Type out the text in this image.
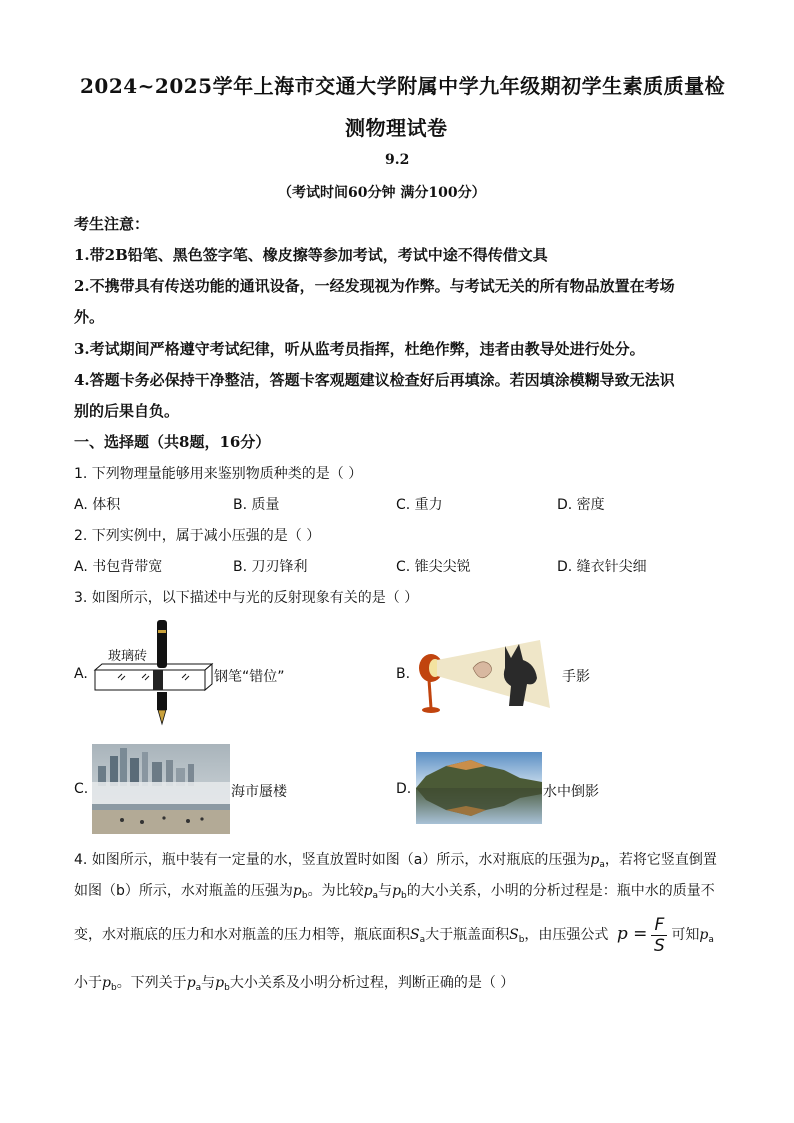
2024~2025学年上海市交通大学附属中学九年级期初学生素质质量检
测物理试卷
9.2
（考试时间60分钟 满分100分）
考生注意：
1.带2B铅笔、黑色签字笔、橡皮擦等参加考试，考试中途不得传借文具
2.不携带具有传送功能的通讯设备，一经发现视为作弊。与考试无关的所有物品放置在考场
外。
3.考试期间严格遵守考试纪律，听从监考员指挥，杜绝作弊，违者由教导处进行处分。
4.答题卡务必保持干净整洁，答题卡客观题建议检查好后再填涂。若因填涂模糊导致无法识
别的后果自负。
一、选择题（共8题，16分）
1. 下列物理量能够用来鉴别物质种类的是（ ）
A. 体积	B. 质量	C. 重力	D. 密度
2. 下列实例中，属于减小压强的是（ ）
A. 书包背带宽	B. 刀刃锋利	C. 锥尖尖锐	D. 缝衣针尖细
3. 如图所示，以下描述中与光的反射现象有关的是（ ）
A.
玻璃砖
钢笔“错位”	B.	手影
C.	海市蜃楼	D.	水中倒影
4. 如图所示，瓶中装有一定量的水，竖直放置时如图（a）所示，水对瓶底的压强为$p_a$，若将它竖直倒置
如图（b）所示，水对瓶盖的压强为$p_b$。为比较$p_a$与$p_b$的大小关系，小明的分析过程是：瓶中水的质量不
变，水对瓶底的压力和水对瓶盖的压力相等，瓶底面积$S_a$大于瓶盖面积$S_b$，由压强公式 $p = \frac{F}{S}$ 可知$p_a$
小于$p_b$。下列关于$p_a$与$p_b$大小关系及小明分析过程，判断正确的是（ ）
